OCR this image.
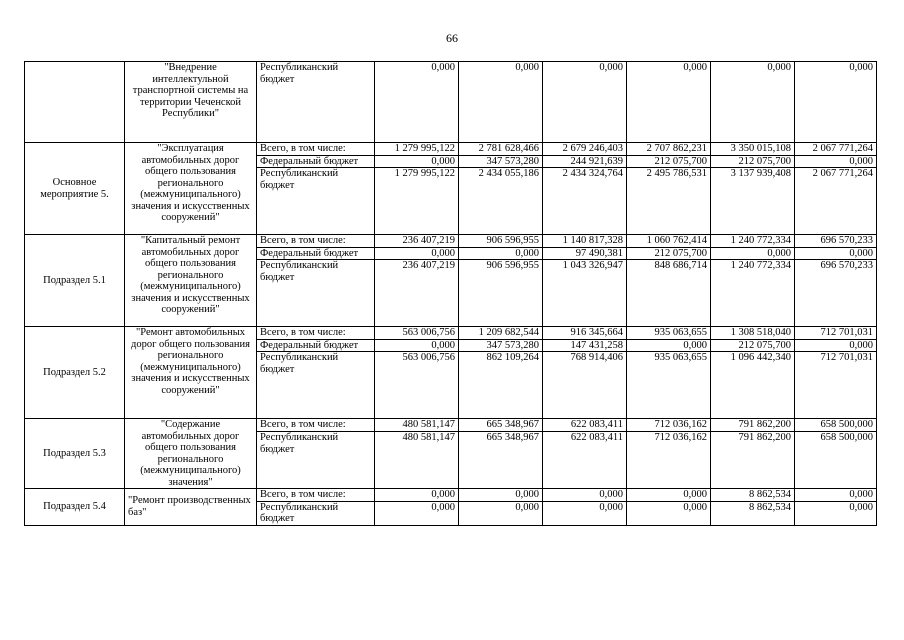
66
	"Внедрение интеллектульной транспортной системы на территории Чеченской Республики"	Республиканский бюджет	0,000	0,000	0,000	0,000	0,000	0,000
Основное мероприятие 5.	"Эксплуатация автомобильных дорог общего пользования регионального (межмуниципального) значения и искусственных сооружений"	Всего, в том числе:	1 279 995,122	2 781 628,466	2 679 246,403	2 707 862,231	3 350 015,108	2 067 771,264
		Федеральный бюджет	0,000	347 573,280	244 921,639	212 075,700	212 075,700	0,000
		Республиканский бюджет	1 279 995,122	2 434 055,186	2 434 324,764	2 495 786,531	3 137 939,408	2 067 771,264
Подраздел 5.1	"Капитальный ремонт автомобильных дорог общего пользования регионального (межмуниципального) значения и искусственных сооружений"	Всего, в том числе:	236 407,219	906 596,955	1 140 817,328	1 060 762,414	1 240 772,334	696 570,233
		Федеральный бюджет	0,000	0,000	97 490,381	212 075,700	0,000	0,000
		Республиканский бюджет	236 407,219	906 596,955	1 043 326,947	848 686,714	1 240 772,334	696 570,233
Подраздел 5.2	"Ремонт автомобильных дорог общего пользования регионального (межмуниципального) значения и искусственных сооружений"	Всего, в том числе:	563 006,756	1 209 682,544	916 345,664	935 063,655	1 308 518,040	712 701,031
		Федеральный бюджет	0,000	347 573,280	147 431,258	0,000	212 075,700	0,000
		Республиканский бюджет	563 006,756	862 109,264	768 914,406	935 063,655	1 096 442,340	712 701,031
Подраздел 5.3	"Содержание автомобильных дорог общего пользования регионального (межмуниципального) значения"	Всего, в том числе:	480 581,147	665 348,967	622 083,411	712 036,162	791 862,200	658 500,000
		Республиканский бюджет	480 581,147	665 348,967	622 083,411	712 036,162	791 862,200	658 500,000
Подраздел 5.4	"Ремонт производственных баз"	Всего, в том числе:	0,000	0,000	0,000	0,000	8 862,534	0,000
		Республиканский бюджет	0,000	0,000	0,000	0,000	8 862,534	0,000
